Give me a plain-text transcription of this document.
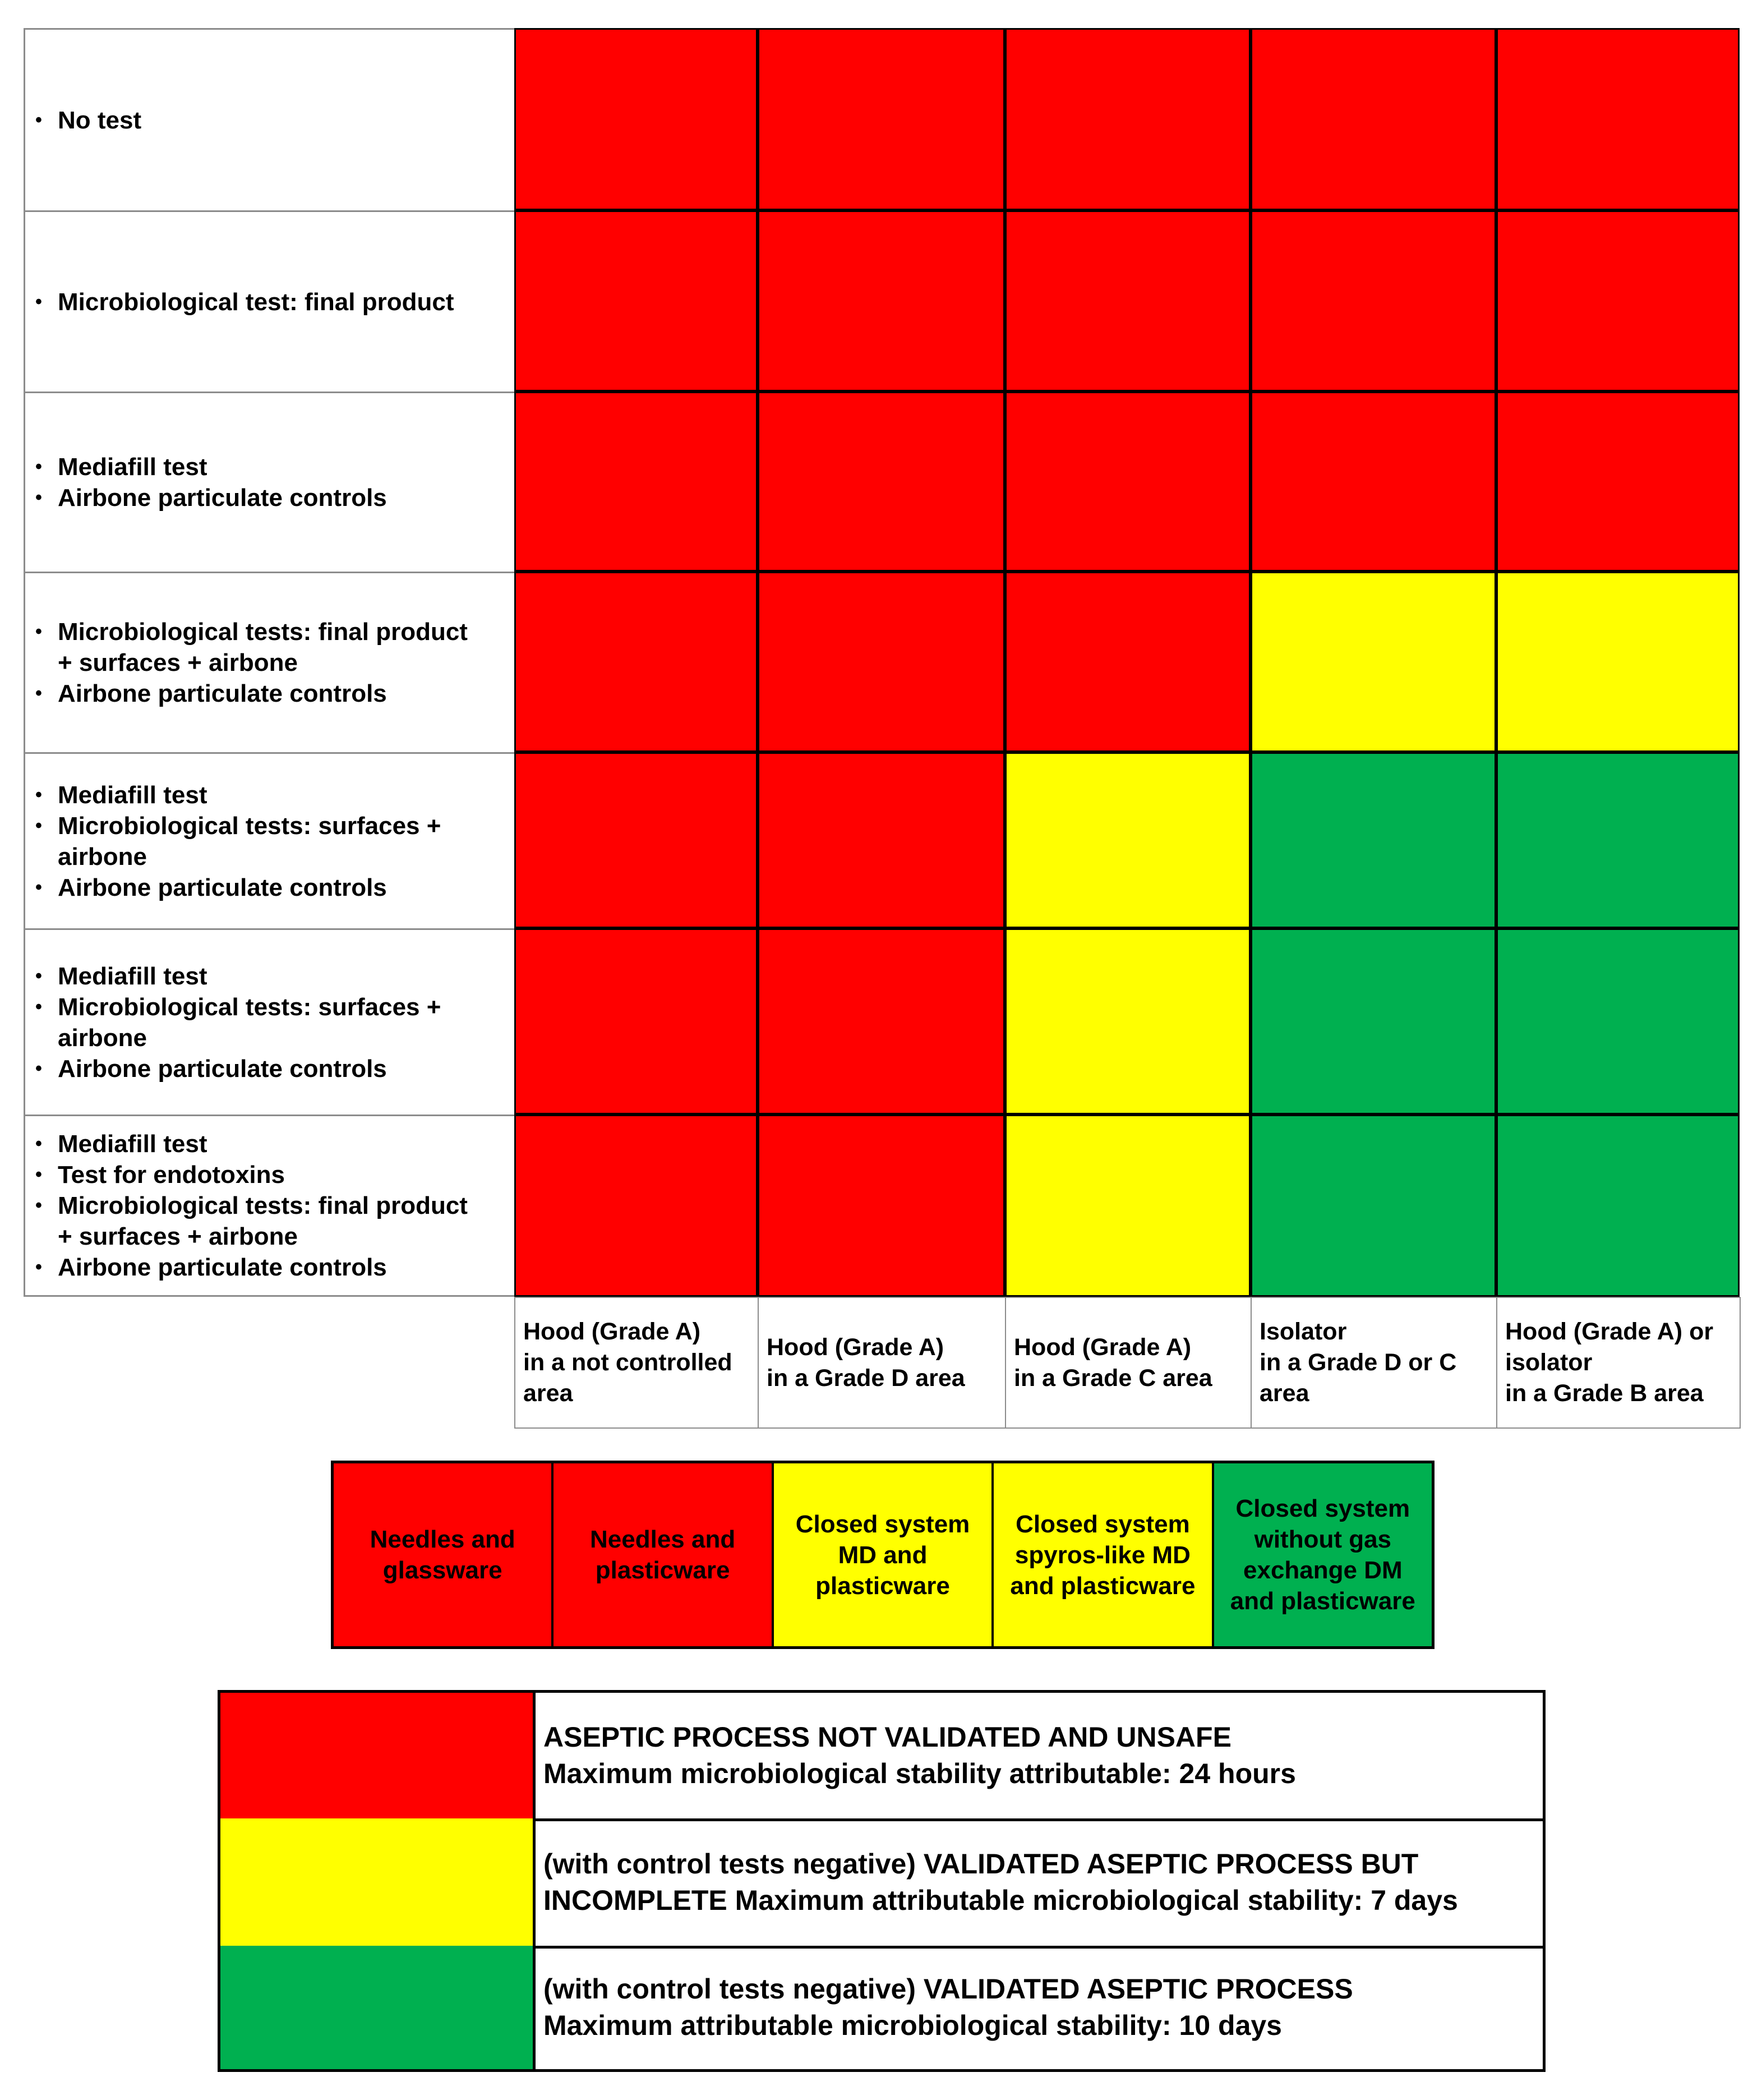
• No test
• Microbiological test: final product
• Mediafill test
• Airbone particulate controls
• Microbiological tests: final product
+ surfaces + airbone
• Airbone particulate controls
• Mediafill test
• Microbiological tests: surfaces +
airbone
• Airbone particulate controls
• Mediafill test
• Microbiological tests: surfaces +
airbone
• Airbone particulate controls
• Mediafill test
• Test for endotoxins
• Microbiological tests: final product
+ surfaces + airbone
• Airbone particulate controls
Hood (Grade A)
in a not controlled
area
Hood (Grade A)
in a Grade D area
Hood (Grade A)
in a Grade C area
Isolator
in a Grade D or C
area
Hood (Grade A) or
isolator
in a Grade B area
Needles and
glassware
Needles and
plasticware
Closed system
MD and
plasticware
Closed system
spyros-like MD
and plasticware
Closed system
without gas
exchange DM
and plasticware
ASEPTIC PROCESS NOT VALIDATED AND UNSAFE
Maximum microbiological stability attributable: 24 hours
(with control tests negative) VALIDATED ASEPTIC PROCESS BUT
INCOMPLETE Maximum attributable microbiological stability: 7 days
(with control tests negative) VALIDATED ASEPTIC PROCESS
Maximum attributable microbiological stability: 10 days
